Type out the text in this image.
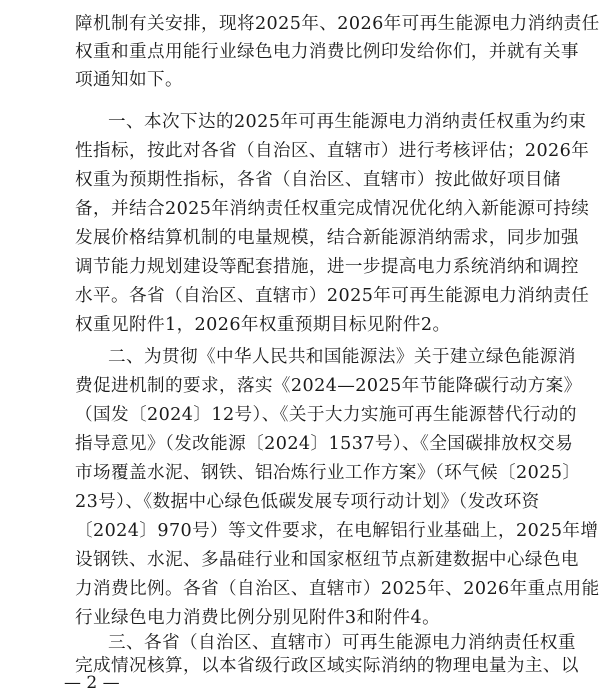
障机制有关安排，现将2025年、2026年可再生能源电力消纳责任
权重和重点用能行业绿色电力消费比例印发给你们，并就有关事
项通知如下。
一、本次下达的2025年可再生能源电力消纳责任权重为约束
性指标，按此对各省（自治区、直辖市）进行考核评估；2026年
权重为预期性指标，各省（自治区、直辖市）按此做好项目储
备，并结合2025年消纳责任权重完成情况优化纳入新能源可持续
发展价格结算机制的电量规模，结合新能源消纳需求，同步加强
调节能力规划建设等配套措施，进一步提高电力系统消纳和调控
水平。各省（自治区、直辖市）2025年可再生能源电力消纳责任
权重见附件1，2026年权重预期目标见附件2。
二、为贯彻《中华人民共和国能源法》关于建立绿色能源消
费促进机制的要求，落实《2024—2025年节能降碳行动方案》
（国发〔2024〕12号）、《关于大力实施可再生能源替代行动的
指导意见》（发改能源〔2024〕1537号）、《全国碳排放权交易
市场覆盖水泥、钢铁、铝冶炼行业工作方案》（环气候〔2025〕
23号）、《数据中心绿色低碳发展专项行动计划》（发改环资
〔2024〕970号）等文件要求，在电解铝行业基础上，2025年增
设钢铁、水泥、多晶硅行业和国家枢纽节点新建数据中心绿色电
力消费比例。各省（自治区、直辖市）2025年、2026年重点用能
行业绿色电力消费比例分别见附件3和附件4。
三、各省（自治区、直辖市）可再生能源电力消纳责任权重
完成情况核算，以本省级行政区域实际消纳的物理电量为主、以
— 2 —
